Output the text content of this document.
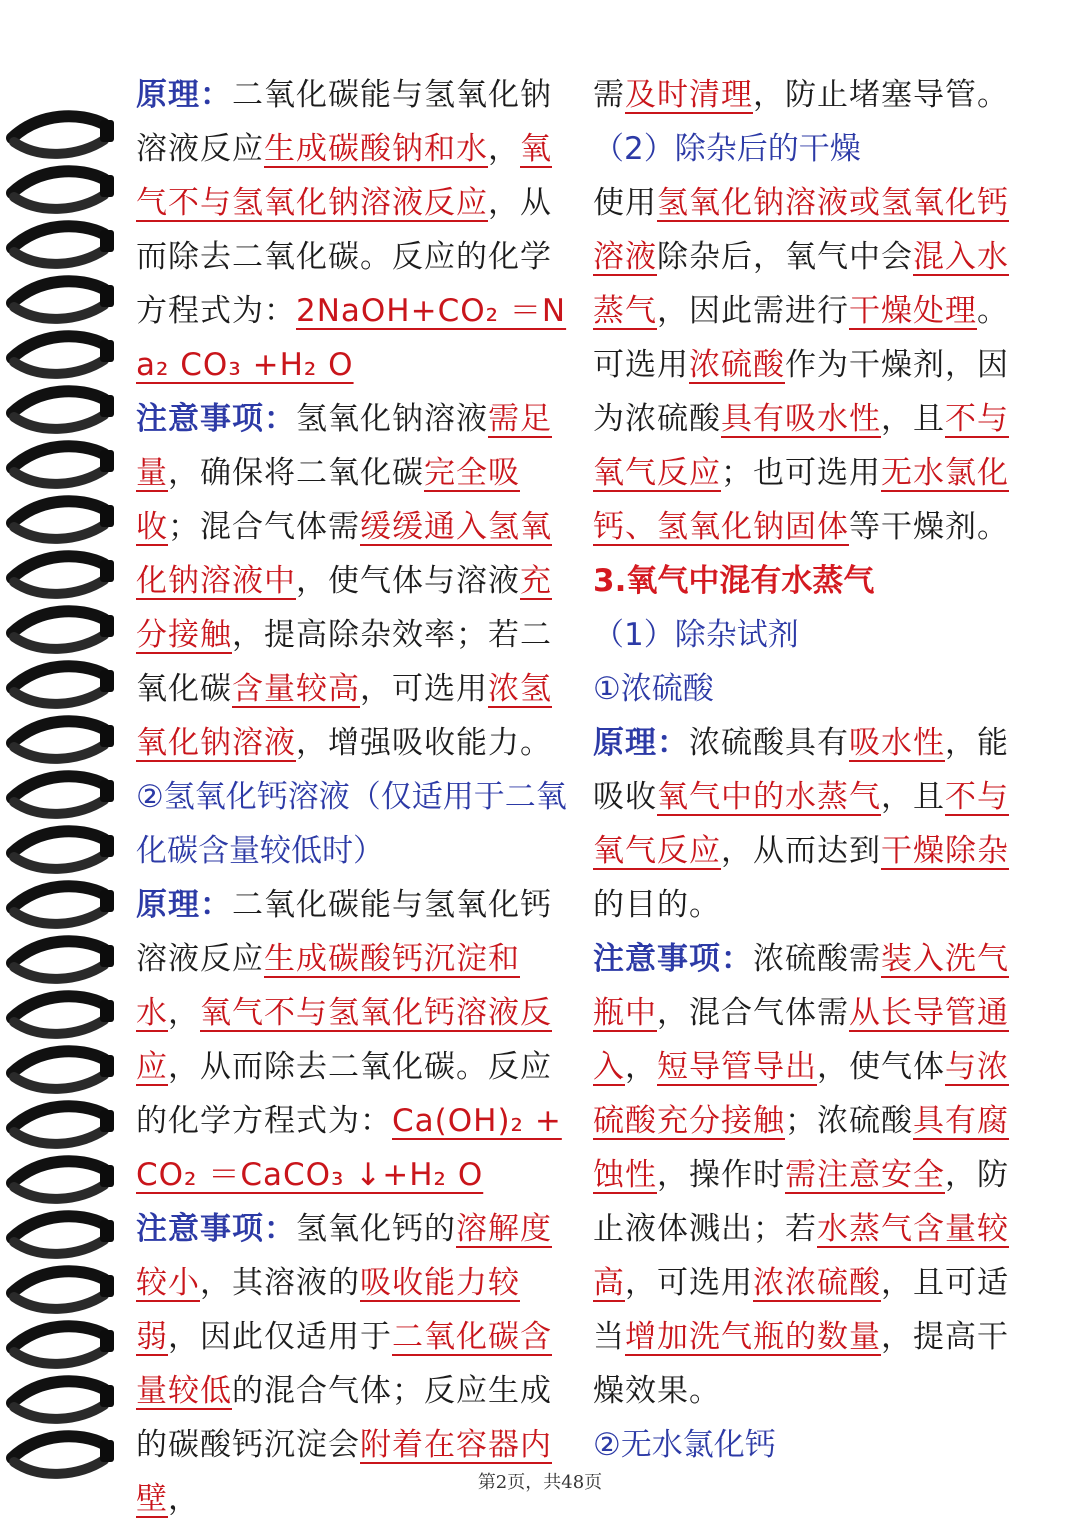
原理：二氧化碳能与氢氧化钠溶液反应生成碳酸钠和水，氧气不与氢氧化钠溶液反应，从而除去二氧化碳。反应的化学方程式为：2NaOH+CO₂ ＝Na₂ CO₃ +H₂ O

注意事项：氢氧化钠溶液需足量，确保将二氧化碳完全吸收；混合气体需缓缓通入氢氧化钠溶液中，使气体与溶液充分接触，提高除杂效率；若二氧化碳含量较高，可选用浓氢氧化钠溶液，增强吸收能力。

②氢氧化钙溶液（仅适用于二氧化碳含量较低时）

原理：二氧化碳能与氢氧化钙溶液反应生成碳酸钙沉淀和水，氧气不与氢氧化钙溶液反应，从而除去二氧化碳。反应的化学方程式为：Ca(OH)₂ +CO₂ ＝CaCO₃ ↓+H₂ O

注意事项：氢氧化钙的溶解度较小，其溶液的吸收能力较弱，因此仅适用于二氧化碳含量较低的混合气体；反应生成的碳酸钙沉淀会附着在容器内壁，

需及时清理，防止堵塞导管。

（2）除杂后的干燥

使用氢氧化钠溶液或氢氧化钙溶液除杂后，氧气中会混入水蒸气，因此需进行干燥处理。可选用浓硫酸作为干燥剂，因为浓硫酸具有吸水性，且不与氧气反应；也可选用无水氯化钙、氢氧化钠固体等干燥剂。

3.氧气中混有水蒸气

（1）除杂试剂

①浓硫酸

原理：浓硫酸具有吸水性，能吸收氧气中的水蒸气，且不与氧气反应，从而达到干燥除杂的目的。

注意事项：浓硫酸需装入洗气瓶中，混合气体需从长导管通入，短导管导出，使气体与浓硫酸充分接触；浓硫酸具有腐蚀性，操作时需注意安全，防止液体溅出；若水蒸气含量较高，可选用浓浓硫酸，且可适当增加洗气瓶的数量，提高干燥效果。

②无水氯化钙

第2页，共48页
